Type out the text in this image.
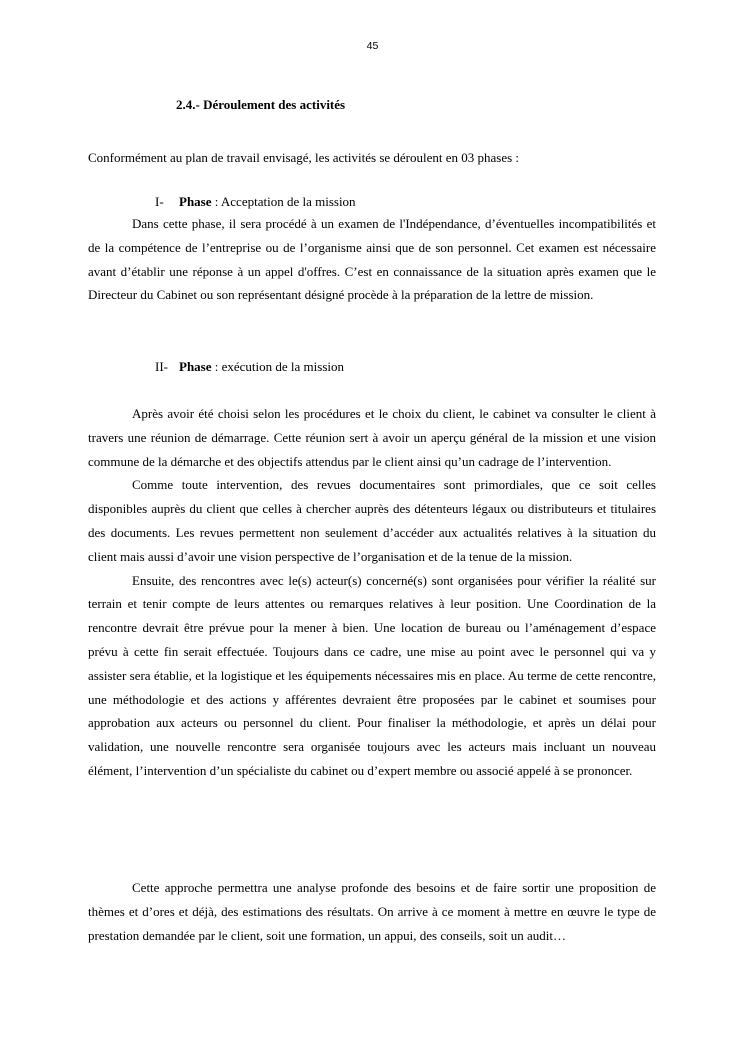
45
2.4.- Déroulement des activités
Conformément au plan de travail envisagé, les activités se déroulent en 03 phases :
I- Phase : Acceptation de la mission

Dans cette phase, il sera procédé à un examen de l'Indépendance, d’éventuelles incompatibilités et de la compétence de l’entreprise ou de l’organisme ainsi que de son personnel. Cet examen est nécessaire avant d’établir une réponse à un appel d'offres. C’est en connaissance de la situation après examen que le Directeur du Cabinet ou son représentant désigné procède à la préparation de la lettre de mission.

II- Phase : exécution de la mission

Après avoir été choisi selon les procédures et le choix du client, le cabinet va consulter le client à travers une réunion de démarrage. Cette réunion sert à avoir un aperçu général de la mission et une vision commune de la démarche et des objectifs attendus par le client ainsi qu’un cadrage de l’intervention.

Comme toute intervention, des revues documentaires sont primordiales, que ce soit celles disponibles auprès du client que celles à chercher auprès des détenteurs légaux ou distributeurs et titulaires des documents. Les revues permettent non seulement d’accéder aux actualités relatives à la situation du client mais aussi d’avoir une vision perspective de l’organisation et de la tenue de la mission.

Ensuite, des rencontres avec le(s) acteur(s) concerné(s) sont organisées pour vérifier la réalité sur terrain et tenir compte de leurs attentes ou remarques relatives à leur position. Une Coordination de la rencontre devrait être prévue pour la mener à bien. Une location de bureau ou l’aménagement d’espace prévu à cette fin serait effectuée. Toujours dans ce cadre, une mise au point avec le personnel qui va y assister sera établie, et la logistique et les équipements nécessaires mis en place. Au terme de cette rencontre, une méthodologie et des actions y afférentes devraient être proposées par le cabinet et soumises pour approbation aux acteurs ou personnel du client. Pour finaliser la méthodologie, et après un délai pour validation, une nouvelle rencontre sera organisée toujours avec les acteurs mais incluant un nouveau élément, l’intervention d’un spécialiste du cabinet ou d’expert membre ou associé appelé à se prononcer.

Cette approche permettra une analyse profonde des besoins et de faire sortir une proposition de thèmes et d’ores et déjà, des estimations des résultats. On arrive à ce moment à mettre en œuvre le type de prestation demandée par le client, soit une formation, un appui, des conseils, soit un audit…
